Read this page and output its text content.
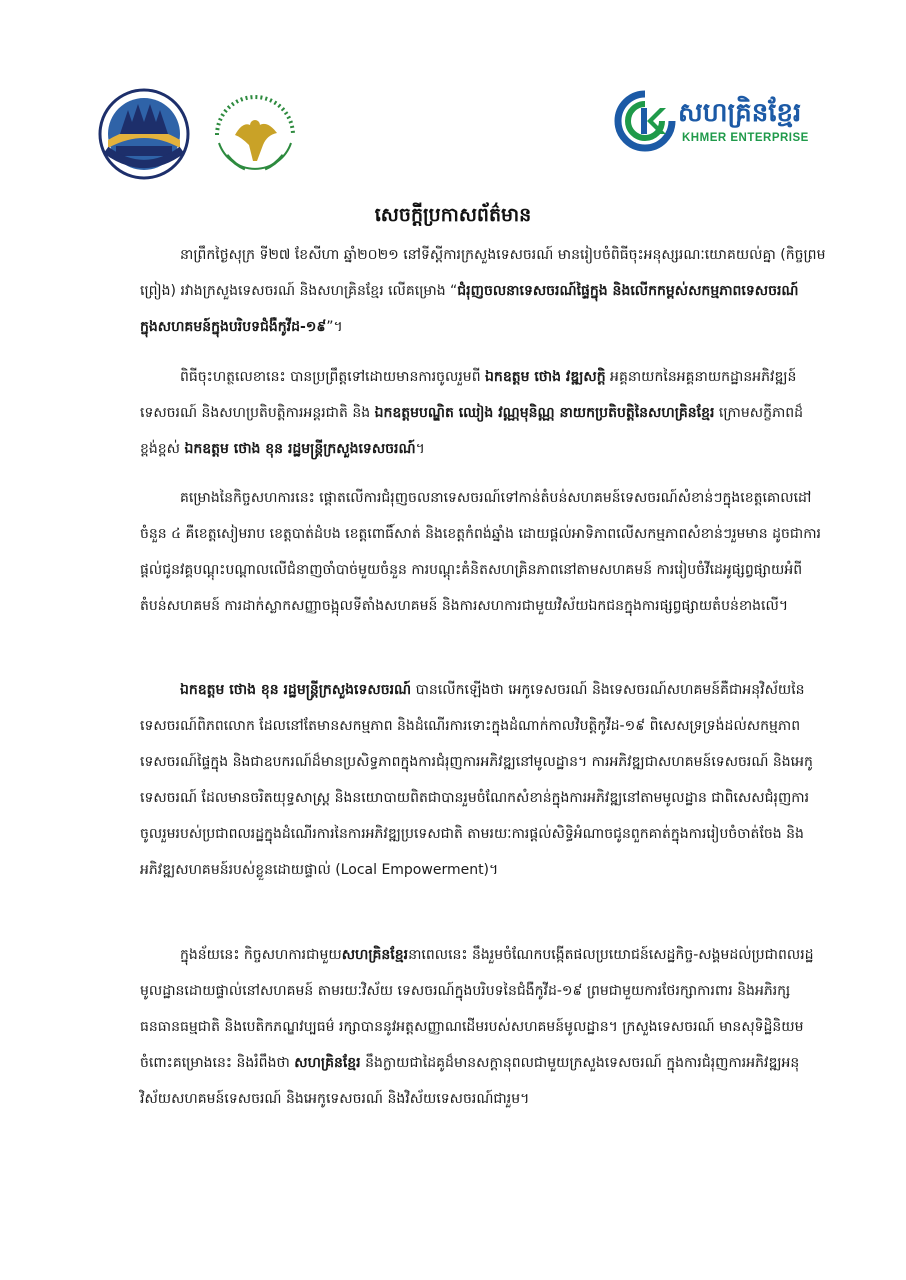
សហគ្រិនខ្មែរ
KHMER ENTERPRISE
សេចក្តីប្រកាសព័ត៌មាន
នាព្រឹកថ្ងៃសុក្រ ទី២៧ ខែសីហា ឆ្នាំ២០២១ នៅទីស្តីការក្រសួងទេសចរណ៍ មានរៀបចំពិធីចុះអនុស្សរណៈយោគយល់គ្នា (កិច្ចព្រមព្រៀង) រវាងក្រសួងទេសចរណ៍ និងសហគ្រិនខ្មែរ លើគម្រោង “ជំរុញចលនាទេសចរណ៍ផ្ទៃក្នុង និងលើកកម្ពស់សកម្មភាពទេសចរណ៍ក្នុងសហគមន៍ក្នុងបរិបទជំងឺកូវីដ-១៩”។
ពិធីចុះហត្ថលេខានេះ បានប្រព្រឹត្តទៅដោយមានការចូលរួមពី ឯកឧត្តម ថោង វឌ្ឍសក្តិ អគ្គនាយកនៃអគ្គនាយកដ្ឋានអភិវឌ្ឍន៍ទេសចរណ៍ និងសហប្រតិបត្តិការអន្តរជាតិ និង ឯកឧត្តមបណ្ឌិត ឈៀង វណ្ណមុនិណ្ណ នាយកប្រតិបត្តិនៃសហគ្រិនខ្មែរ ក្រោមសក្ខីភាពដ៏ខ្ពង់ខ្ពស់ ឯកឧត្តម ថោង ខុន រដ្ឋមន្ត្រីក្រសួងទេសចរណ៍។
គម្រោងនៃកិច្ចសហការនេះ ផ្តោតលើការជំរុញចលនាទេសចរណ៍ទៅកាន់តំបន់សហគមន៍ទេសចរណ៍សំខាន់ៗក្នុងខេត្តគោលដៅចំនួន ៤ គឺខេត្តសៀមរាប ខេត្តបាត់ដំបង ខេត្តពោធិ៍សាត់ និងខេត្តកំពង់ឆ្នាំង ដោយផ្តល់អាទិភាពលើសកម្មភាពសំខាន់ៗរួមមាន ដូចជាការផ្តល់ជូនវគ្គបណ្តុះបណ្តាលលើជំនាញចាំបាច់មួយចំនួន ការបណ្តុះគំនិតសហគ្រិនភាពនៅតាមសហគមន៍ ការរៀបចំវីដេអូផ្សព្វផ្សាយអំពីតំបន់សហគមន៍ ការដាក់ស្លាកសញ្ញាចង្អុលទីតាំងសហគមន៍ និងការសហការជាមួយវិស័យឯកជនក្នុងការផ្សព្វផ្សាយតំបន់ខាងលើ។
ឯកឧត្តម ថោង ខុន រដ្ឋមន្ត្រីក្រសួងទេសចរណ៍ បានលើកឡើងថា អេកូទេសចរណ៍ និងទេសចរណ៍សហគមន៍គឺជាអនុវិស័យនៃទេសចរណ៍ពិភពលោក ដែលនៅតែមានសកម្មភាព និងដំណើរការទោះក្នុងដំណាក់កាលវិបត្តិកូវីដ-១៩ ពិសេសទ្រទ្រង់ដល់សកម្មភាពទេសចរណ៍ផ្ទៃក្នុង និងជាឧបករណ៍ដ៏មានប្រសិទ្ធភាពក្នុងការជំរុញការអភិវឌ្ឍនៅមូលដ្ឋាន។ ការអភិវឌ្ឍជាសហគមន៍ទេសចរណ៍ និងអេកូទេសចរណ៍ ដែលមានចរិតយុទ្ធសាស្រ្ត និងនយោបាយពិតជាបានរួមចំណែកសំខាន់ក្នុងការអភិវឌ្ឍនៅតាមមូលដ្ឋាន ជាពិសេសជំរុញការចូលរួមរបស់ប្រជាពលរដ្ឋក្នុងដំណើរការនៃការអភិវឌ្ឍប្រទេសជាតិ តាមរយៈការផ្តល់សិទ្ធិអំណាចជូនពួកគាត់ក្នុងការរៀបចំចាត់ចែង និងអភិវឌ្ឍសហគមន៍របស់ខ្លួនដោយផ្ទាល់ (Local Empowerment)។
ក្នុងន័យនេះ កិច្ចសហការជាមួយសហគ្រិនខ្មែរនាពេលនេះ នឹងរួមចំណែកបង្កើតផលប្រយោជន៍សេដ្ឋកិច្ច-សង្គមដល់ប្រជាពលរដ្ឋមូលដ្ឋានដោយផ្ទាល់នៅសហគមន៍ តាមរយៈវិស័យ ទេសចរណ៍ក្នុងបរិបទនៃជំងឺកូវីដ-១៩ ព្រមជាមួយការថែរក្សាការពារ និងអភិរក្សធនធានធម្មជាតិ និងបេតិកភណ្ឌវប្បធម៌ រក្សាបាននូវអត្តសញ្ញាណដើមរបស់សហគមន៍មូលដ្ឋាន។ ក្រសួងទេសចរណ៍ មានសុទិដ្ឋិនិយមចំពោះគម្រោងនេះ និងរំពឹងថា សហគ្រិនខ្មែរ នឹងក្លាយជាដៃគូដ៏មានសក្តានុពលជាមួយក្រសួងទេសចរណ៍ ក្នុងការជំរុញការអភិវឌ្ឍអនុវិស័យសហគមន៍ទេសចរណ៍ និងអេកូទេសចរណ៍ និងវិស័យទេសចរណ៍ជារួម។
